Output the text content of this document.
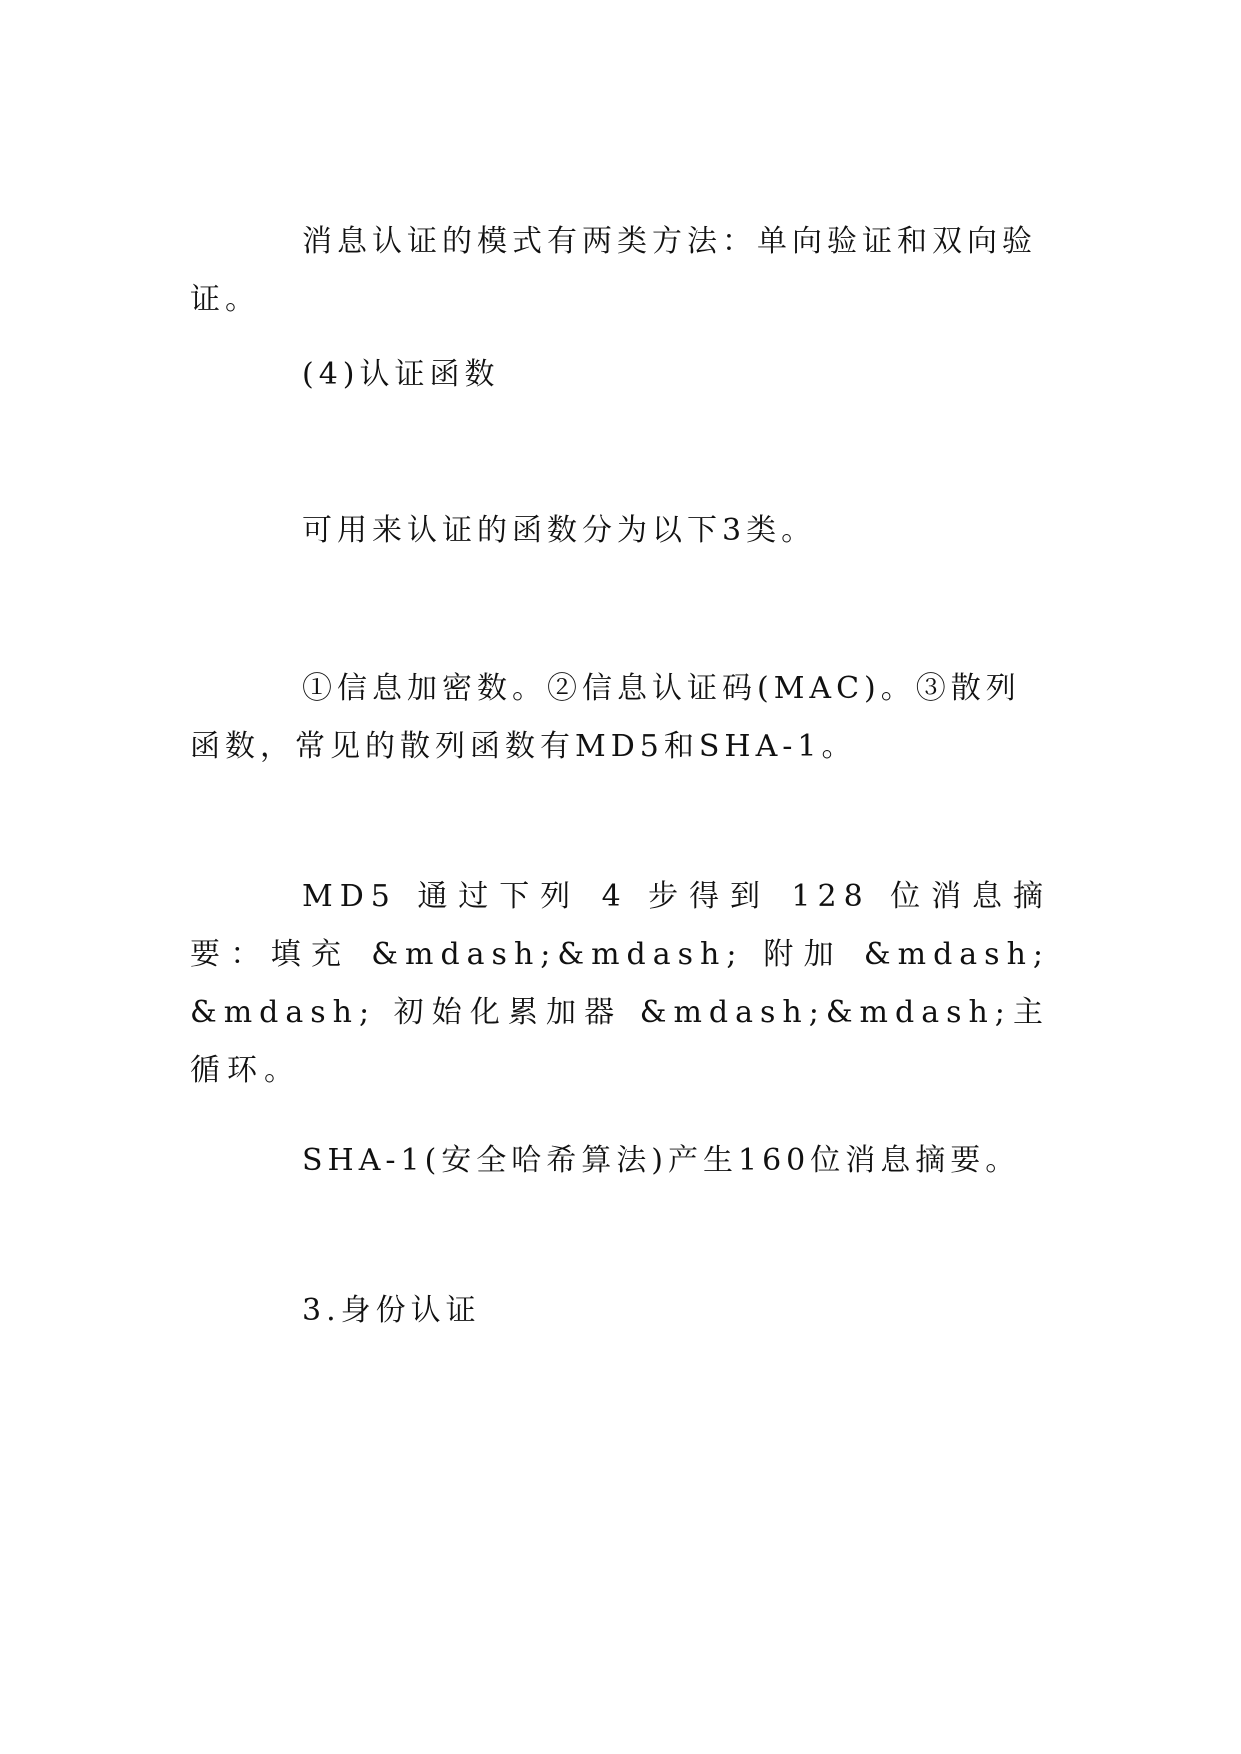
消息认证的模式有两类方法：单向验证和双向验证。

(4)认证函数

可用来认证的函数分为以下3类。

①信息加密数。②信息认证码(MAC)。③散列函数，常见的散列函数有MD5和SHA-1。

MD5 通过下列 4 步得到 128 位消息摘要：填充 &mdash;&mdash; 附加 &mdash;&mdash; 初始化累加器 &mdash;&mdash;主循环。

SHA-1(安全哈希算法)产生160位消息摘要。

3.身份认证
